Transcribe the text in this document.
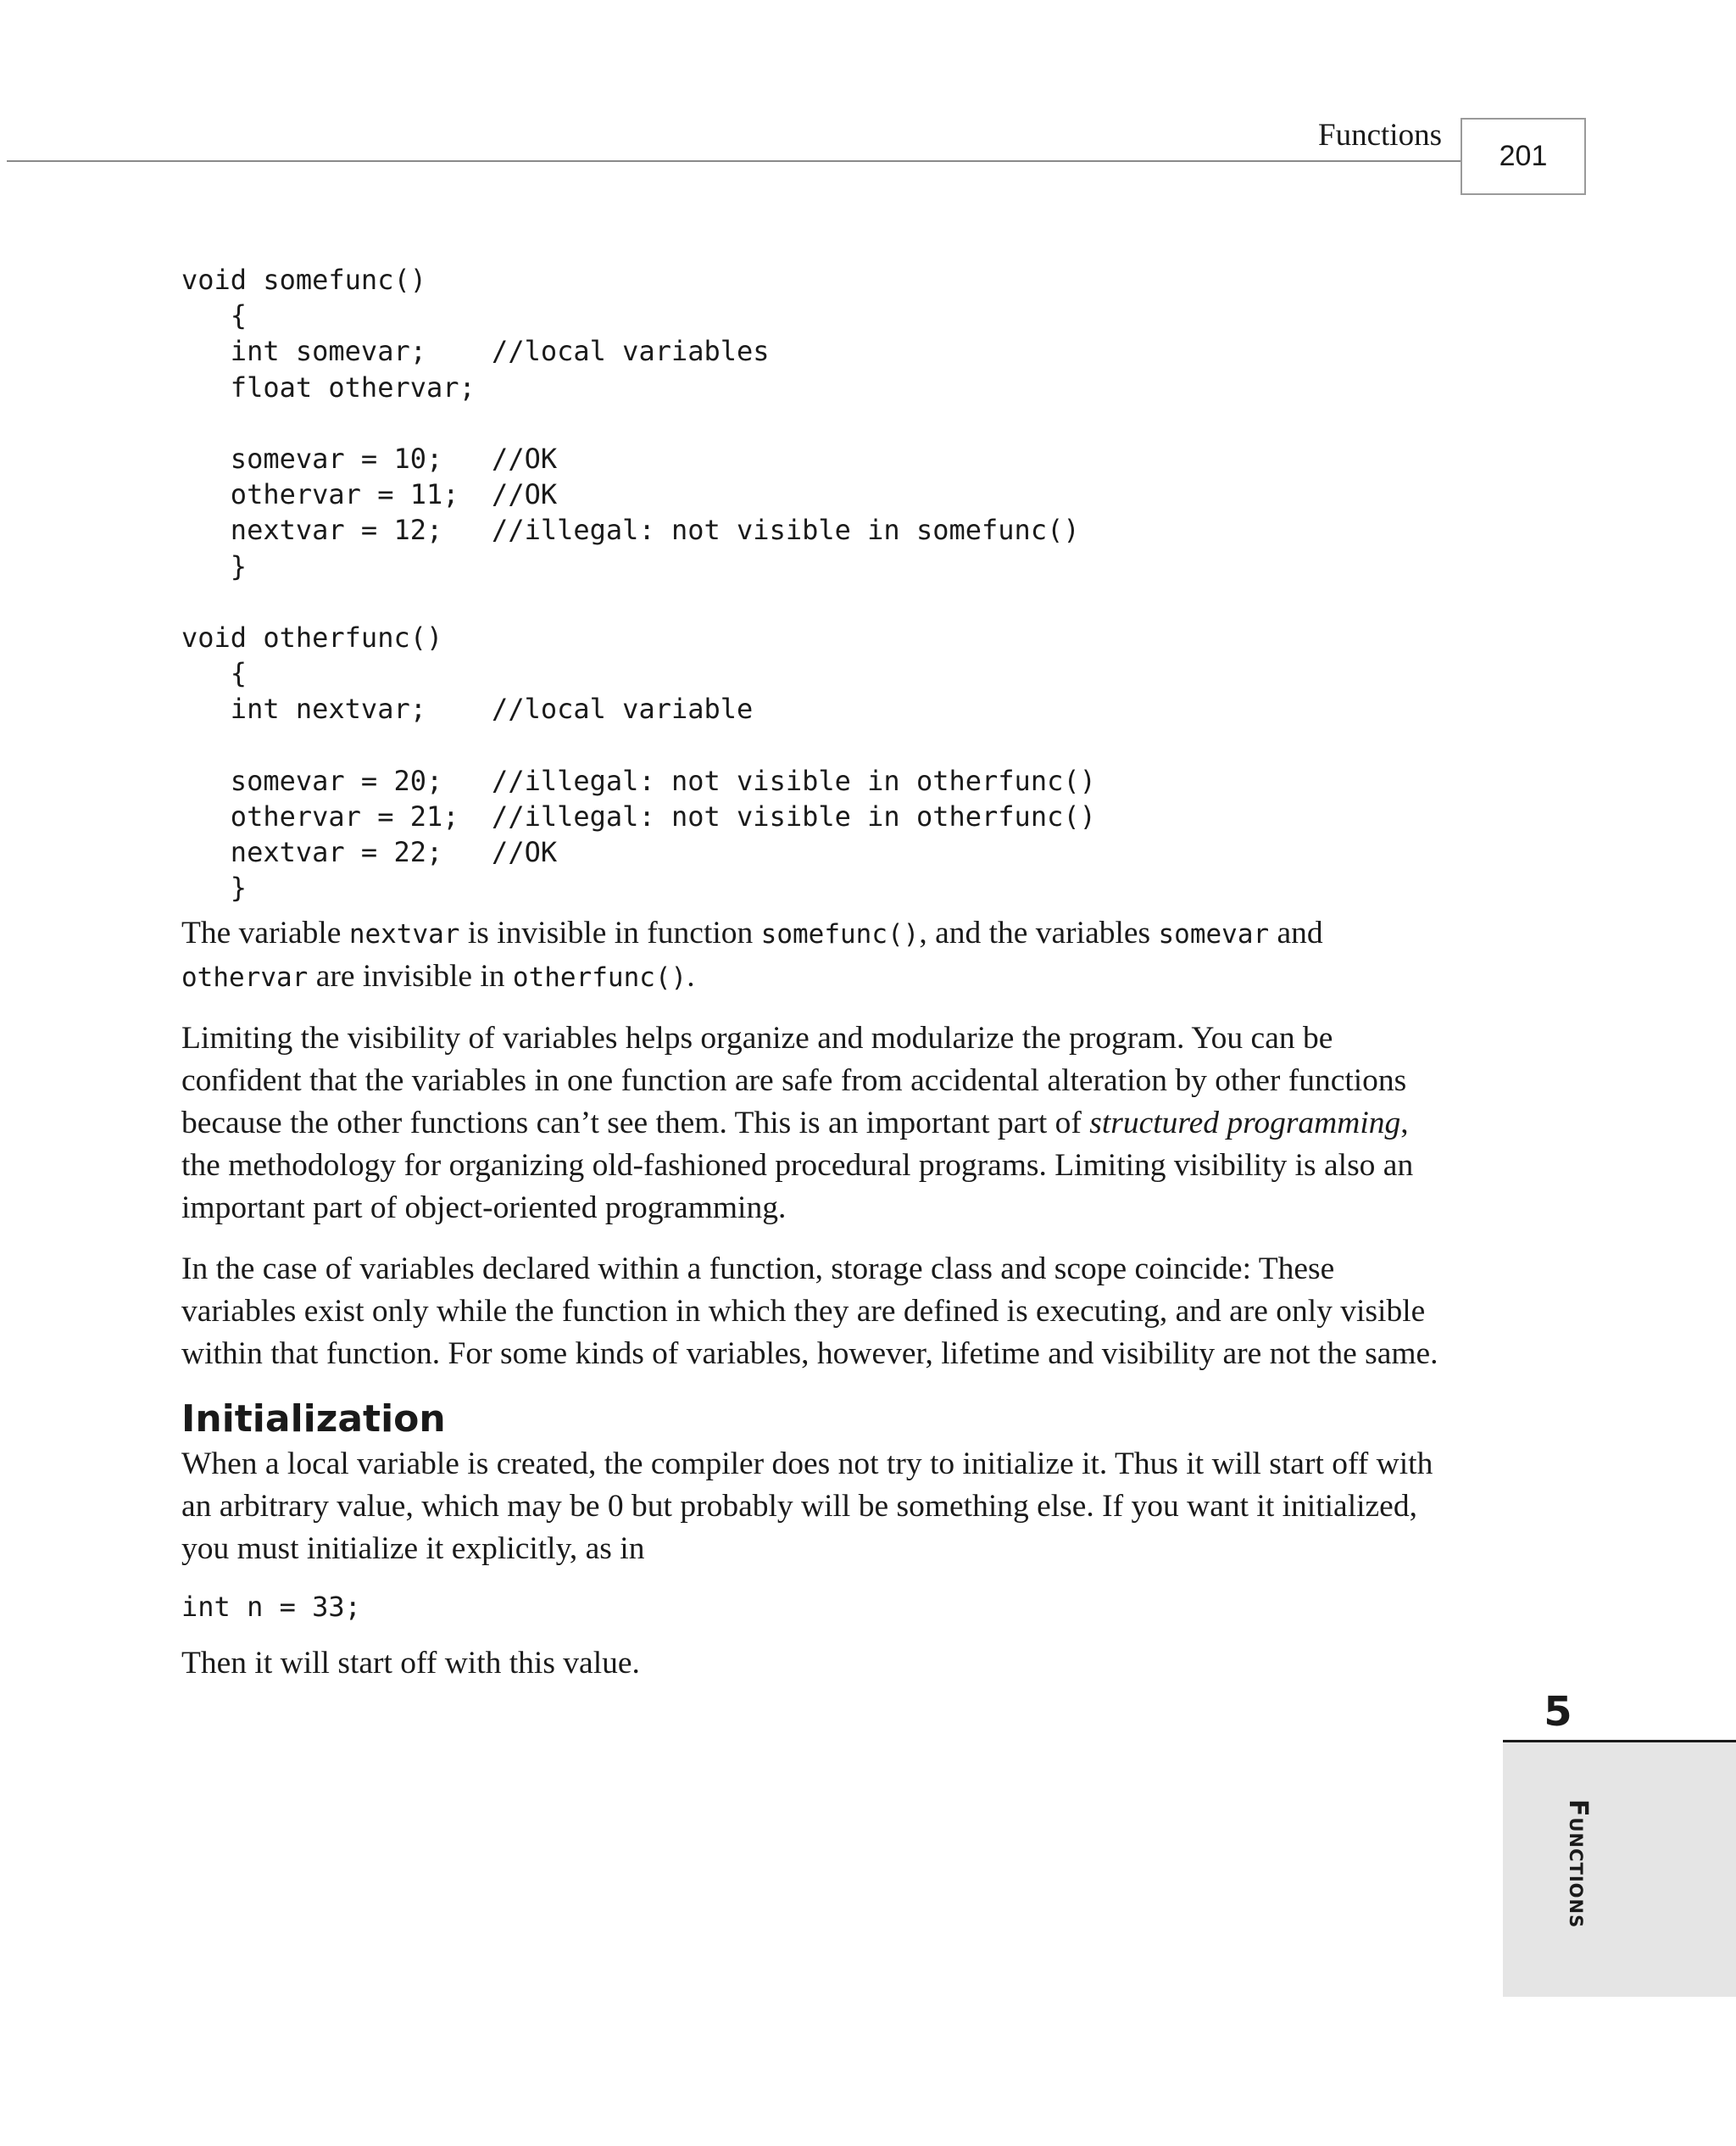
Functions
201
void somefunc()
{
int somevar;    //local variables
float othervar;
somevar = 10;   //OK
othervar = 11;  //OK
nextvar = 12;   //illegal: not visible in somefunc()
}
void otherfunc()
{
int nextvar;    //local variable
somevar = 20;   //illegal: not visible in otherfunc()
othervar = 21;  //illegal: not visible in otherfunc()
nextvar = 22;   //OK
}

The variable nextvar is invisible in function somefunc(), and the variables somevar and othervar are invisible in otherfunc().

Limiting the visibility of variables helps organize and modularize the program. You can be confident that the variables in one function are safe from accidental alteration by other functions because the other functions can’t see them. This is an important part of structured programming, the methodology for organizing old-fashioned procedural programs. Limiting visibility is also an important part of object-oriented programming.

In the case of variables declared within a function, storage class and scope coincide: These variables exist only while the function in which they are defined is executing, and are only visible within that function. For some kinds of variables, however, lifetime and visibility are not the same.

Initialization

When a local variable is created, the compiler does not try to initialize it. Thus it will start off with an arbitrary value, which may be 0 but probably will be something else. If you want it initialized, you must initialize it explicitly, as in

int n = 33;

Then it will start off with this value.

5
Functions
